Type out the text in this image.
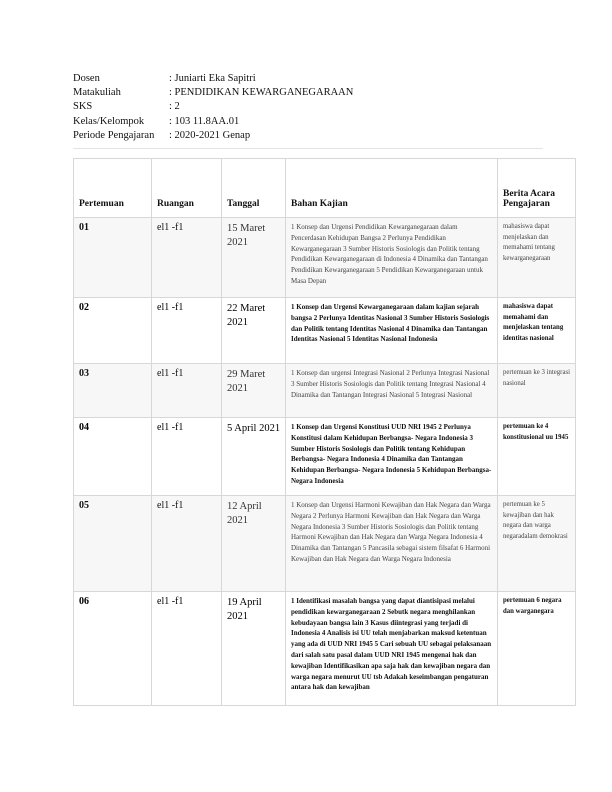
Dosen	: Juniarti Eka Sapitri
Matakuliah	: PENDIDIKAN KEWARGANEGARAAN
SKS	: 2
Kelas/Kelompok	: 103 11.8AA.01
Periode Pengajaran	: 2020-2021 Genap
Pertemuan	Ruangan	Tanggal	Bahan Kajian	Berita Acara Pengajaran
01	el1 -f1	15 Maret 2021	1 Konsep dan Urgensi Pendidikan Kewarganegaraan dalam Pencerdasan Kehidupan Bangsa 2 Perlunya Pendidikan Kewarganegaraan 3 Sumber Historis Sosiologis dan Politik tentang Pendidikan Kewarganegaraan di Indonesia 4 Dinamika dan Tantangan Pendidikan Kewarganegaraan 5 Pendidikan Kewarganegaraan untuk Masa Depan	mahasiswa dapat menjelaskan dan memahami tentang kewarganegaraan
02	el1 -f1	22 Maret 2021	1 Konsep dan Urgensi Kewarganegaraan dalam kajian sejarah bangsa 2 Perlunya Identitas Nasional 3 Sumber Historis Sosiologis dan Politik tentang Identitas Nasional 4 Dinamika dan Tantangan Identitas Nasional 5 Identitas Nasional Indonesia	mahasiswa dapat memahami dan menjelaskan tentang identitas nasional
03	el1 -f1	29 Maret 2021	1 Konsep dan urgensi Integrasi Nasional 2 Perlunya Integrasi Nasional 3 Sumber Historis Sosiologis dan Politik tentang Integrasi Nasional 4 Dinamika dan Tantangan Integrasi Nasional 5 Integrasi Nasional	pertemuan ke 3 integrasi nasional
04	el1 -f1	5 April 2021	1 Konsep dan Urgensi Konstitusi UUD NRI 1945 2 Perlunya Konstitusi dalam Kehidupan Berbangsa- Negara Indonesia 3 Sumber Historis Sosiologis dan Politik tentang Kehidupan Berbangsa- Negara Indonesia 4 Dinamika dan Tantangan Kehidupan Berbangsa- Negara Indonesia 5 Kehidupan Berbangsa- Negara Indonesia	pertemuan ke 4 konstitusional uu 1945
05	el1 -f1	12 April 2021	1 Konsep dan Urgensi Harmoni Kewajiban dan Hak Negara dan Warga Negara 2 Perlunya Harmoni Kewajiban dan Hak Negara dan Warga Negara Indonesia 3 Sumber Historis Sosiologis dan Politik tentang Harmoni Kewajiban dan Hak Negara dan Warga Negara Indonesia 4 Dinamika dan Tantangan 5 Pancasila sebagai sistem filsafat 6 Harmoni Kewajiban dan Hak Negara dan Warga Negara Indonesia	pertemuan ke 5 kewajiban dan hak negara dan warga negaradalam demokrasi
06	el1 -f1	19 April 2021	1 Identifikasi masalah bangsa yang dapat diantisipasi melalui pendidikan kewarganegaraan 2 Sebutk negara menghilankan kebudayaan bangsa lain 3 Kasus diintegrasi yang terjadi di Indonesia 4 Analisis isi UU telah menjabarkan maksud ketentuan yang ada di UUD NRI 1945 5 Cari sebuah UU sebagai pelaksanaan dari salah satu pasal dalam UUD NRI 1945 mengenai hak dan kewajiban Identifikasikan apa saja hak dan kewajiban negara dan warga negara menurut UU tsb Adakah keseimbangan pengaturan antara hak dan kewajiban	pertemuan 6 negara dan warganegara
